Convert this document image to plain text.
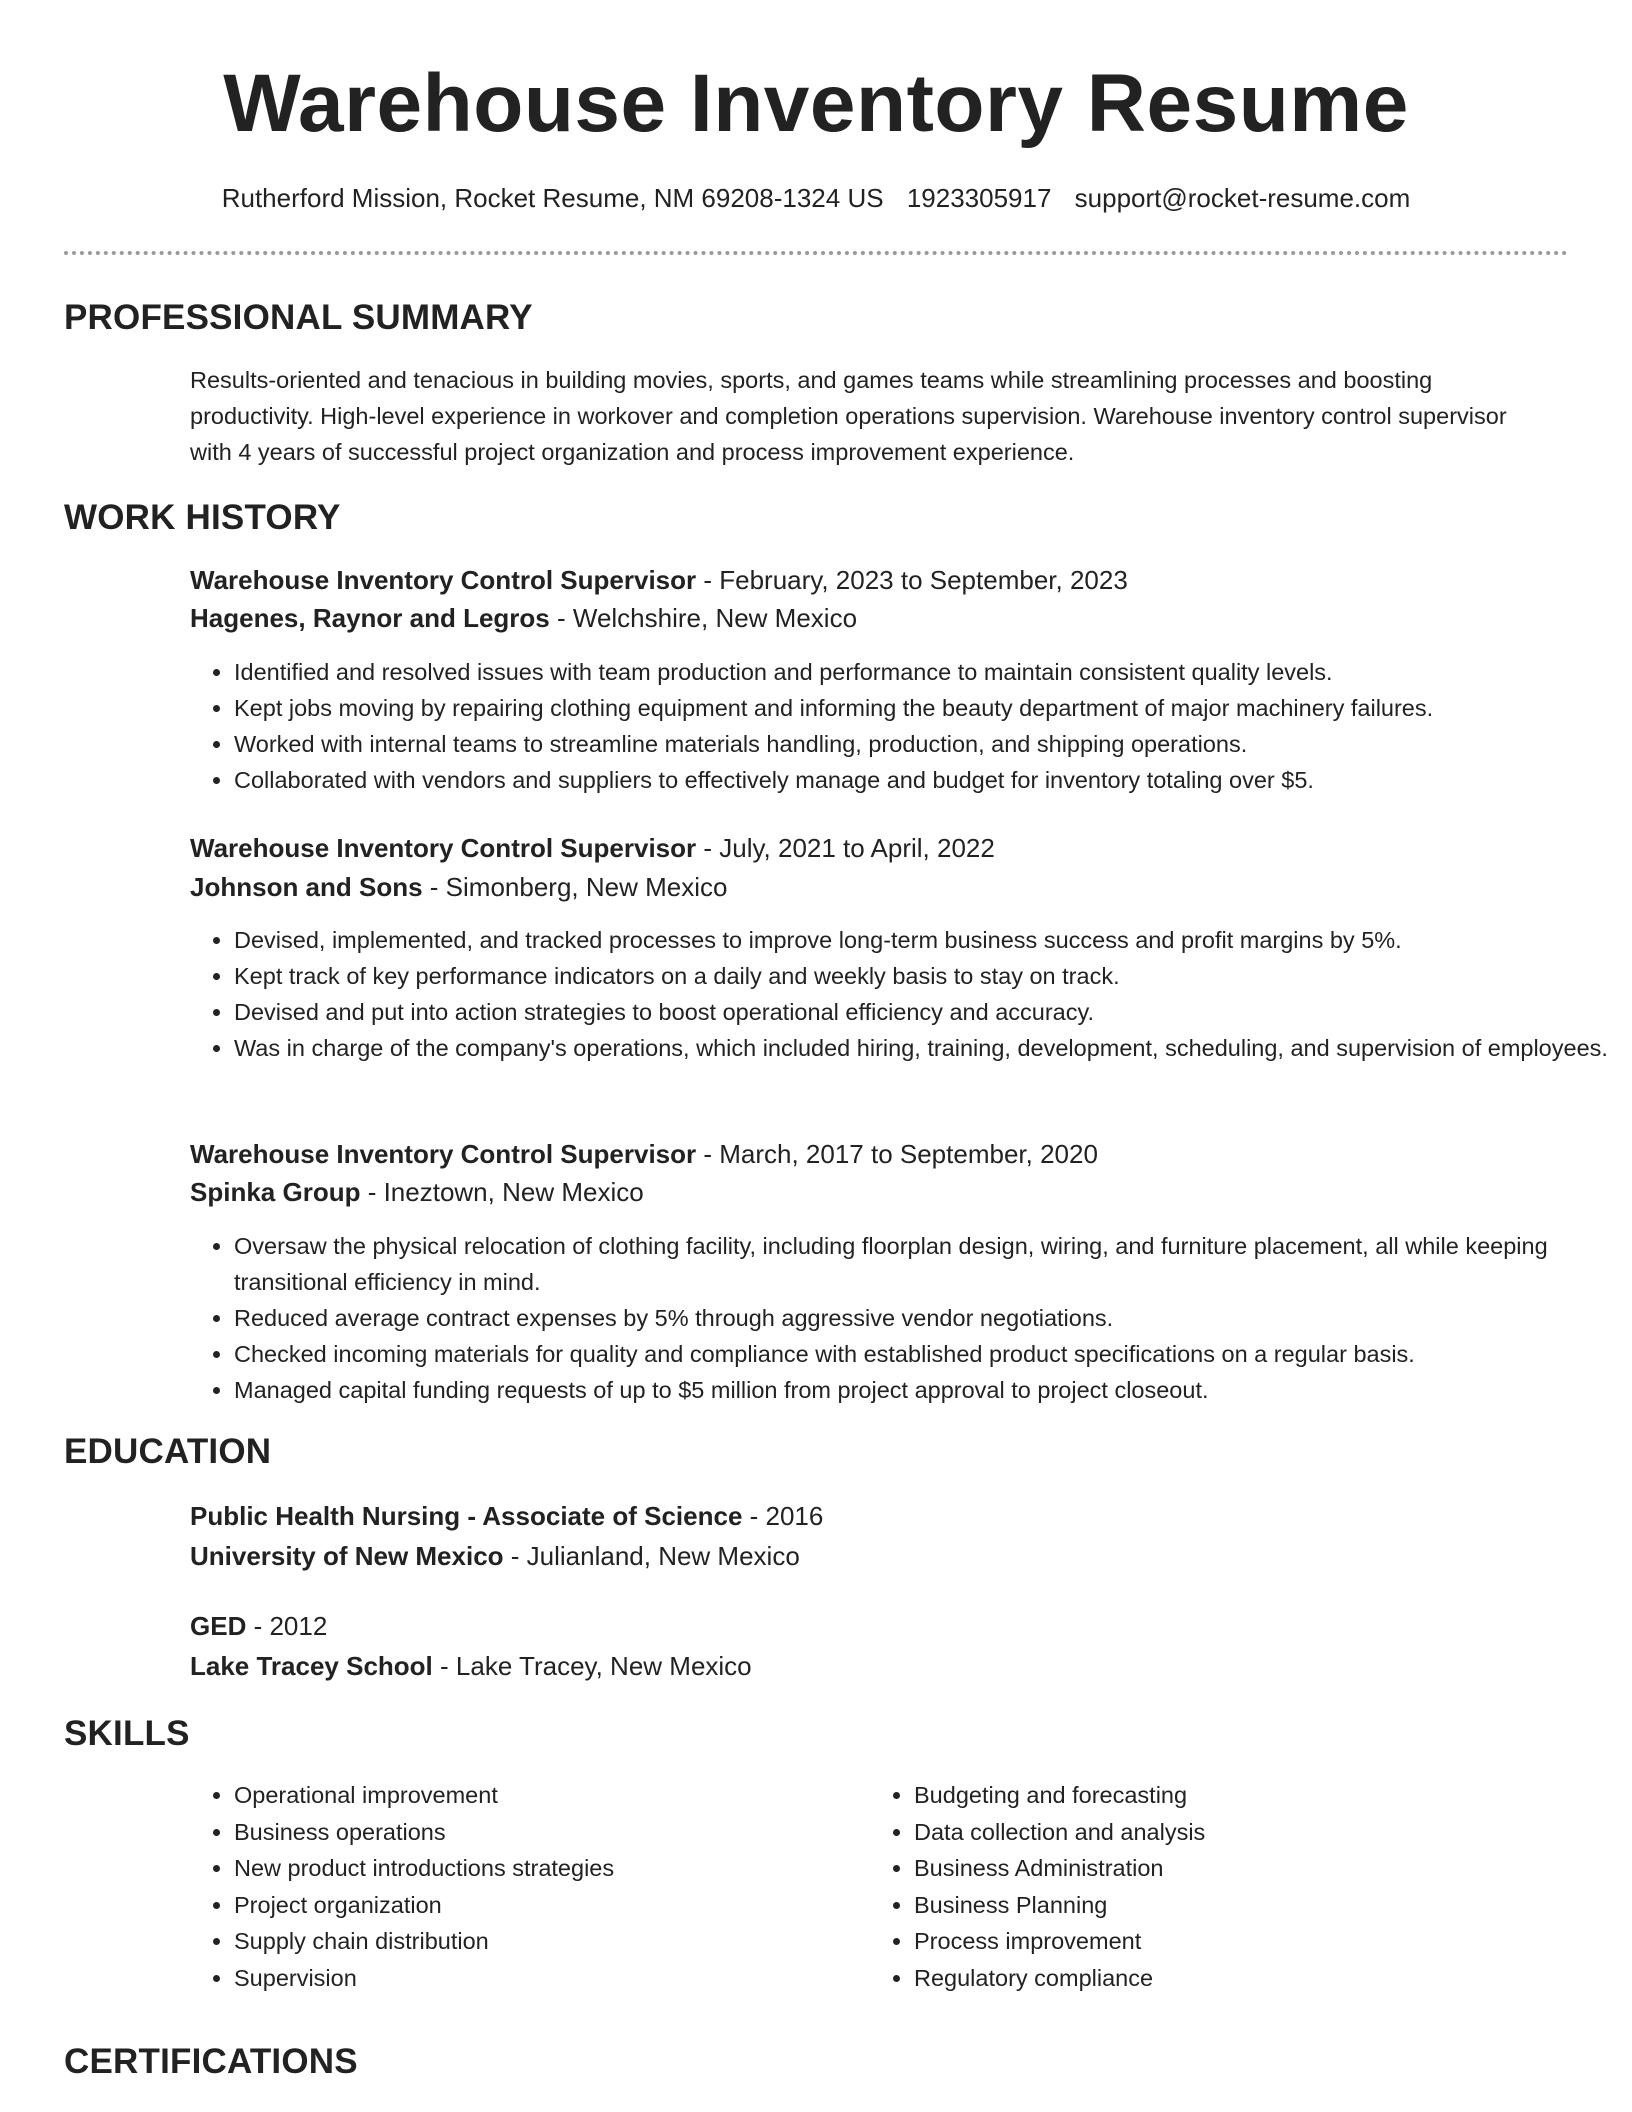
Warehouse Inventory Resume
Rutherford Mission, Rocket Resume, NM 69208-1324 US 1923305917 support@rocket-resume.com
PROFESSIONAL SUMMARY
Results-oriented and tenacious in building movies, sports, and games teams while streamlining processes and boosting productivity. High-level experience in workover and completion operations supervision. Warehouse inventory control supervisor with 4 years of successful project organization and process improvement experience.
WORK HISTORY
Warehouse Inventory Control Supervisor - February, 2023 to September, 2023
Hagenes, Raynor and Legros - Welchshire, New Mexico
• Identified and resolved issues with team production and performance to maintain consistent quality levels.
• Kept jobs moving by repairing clothing equipment and informing the beauty department of major machinery failures.
• Worked with internal teams to streamline materials handling, production, and shipping operations.
• Collaborated with vendors and suppliers to effectively manage and budget for inventory totaling over $5.
Warehouse Inventory Control Supervisor - July, 2021 to April, 2022
Johnson and Sons - Simonberg, New Mexico
• Devised, implemented, and tracked processes to improve long-term business success and profit margins by 5%.
• Kept track of key performance indicators on a daily and weekly basis to stay on track.
• Devised and put into action strategies to boost operational efficiency and accuracy.
• Was in charge of the company's operations, which included hiring, training, development, scheduling, and supervision of employees.
Warehouse Inventory Control Supervisor - March, 2017 to September, 2020
Spinka Group - Ineztown, New Mexico
• Oversaw the physical relocation of clothing facility, including floorplan design, wiring, and furniture placement, all while keeping transitional efficiency in mind.
• Reduced average contract expenses by 5% through aggressive vendor negotiations.
• Checked incoming materials for quality and compliance with established product specifications on a regular basis.
• Managed capital funding requests of up to $5 million from project approval to project closeout.
EDUCATION
Public Health Nursing - Associate of Science - 2016
University of New Mexico - Julianland, New Mexico
GED - 2012
Lake Tracey School - Lake Tracey, New Mexico
SKILLS
• Operational improvement
• Business operations
• New product introductions strategies
• Project organization
• Supply chain distribution
• Supervision
• Budgeting and forecasting
• Data collection and analysis
• Business Administration
• Business Planning
• Process improvement
• Regulatory compliance
CERTIFICATIONS
